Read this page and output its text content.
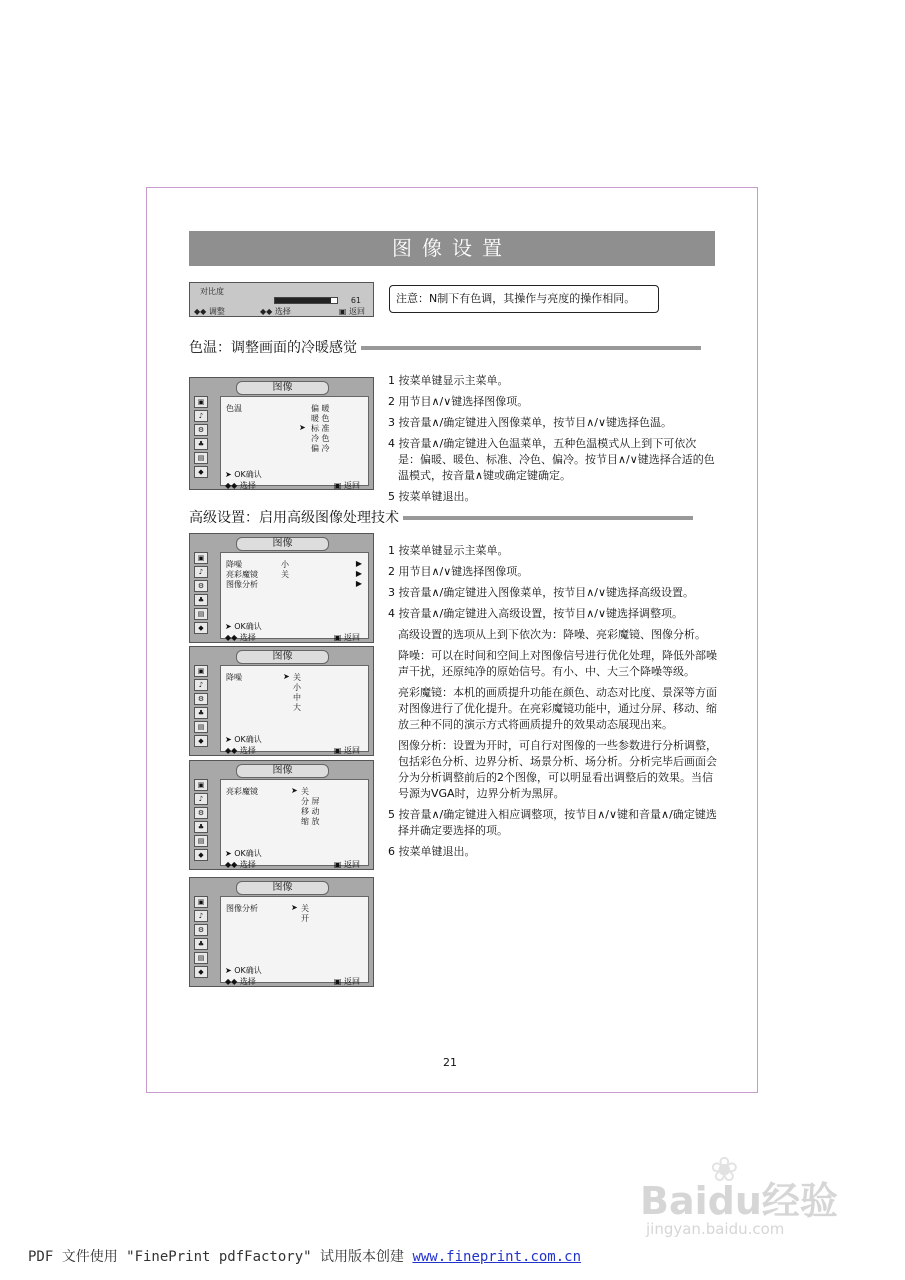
图像设置
对比度
61
◆◆ 调整	◆◆ 选择	▣ 返回
注意：N制下有色调，其操作与亮度的操作相同。
色温：调整画面的冷暖感觉
图像
▣
♪
⚙
♣
▤
◆
色温	偏 暖
暖 色
➤ 标 准
冷 色
偏 冷
➤ OK确认
◆◆ 选择	▣ 返回

1 按菜单键显示主菜单。

2 用节目∧/∨键选择图像项。

3 按音量∧/确定键进入图像菜单，按节目∧/∨键选择色温。

4 按音量∧/确定键进入色温菜单，五种色温模式从上到下可依次是：偏暖、暖色、标准、冷色、偏冷。按节目∧/∨键选择合适的色温模式，按音量∧键或确定键确定。

5 按菜单键退出。

高级设置：启用高级图像处理技术
图像
▣
♪
⚙
♣
▤
◆
降噪	小	▶
亮彩魔镜	关	▶
图像分析	▶
➤ OK确认
◆◆ 选择	▣ 返回
图像
▣
♪
⚙
♣
▤
◆
降噪	➤ 关
小
中
大
➤ OK确认
◆◆ 选择	▣ 返回
图像
▣
♪
⚙
♣
▤
◆
亮彩魔镜	➤ 关
分 屏
移 动
缩 放
➤ OK确认
◆◆ 选择	▣ 返回
图像
▣
♪
⚙
♣
▤
◆
图像分析	➤ 关
开
➤ OK确认
◆◆ 选择	▣ 返回

1 按菜单键显示主菜单。

2 用节目∧/∨键选择图像项。

3 按音量∧/确定键进入图像菜单，按节目∧/∨键选择高级设置。

4 按音量∧/确定键进入高级设置，按节目∧/∨键选择调整项。

高级设置的选项从上到下依次为：降噪、亮彩魔镜、图像分析。

降噪：可以在时间和空间上对图像信号进行优化处理，降低外部噪声干扰，还原纯净的原始信号。有小、中、大三个降噪等级。

亮彩魔镜：本机的画质提升功能在颜色、动态对比度、景深等方面对图像进行了优化提升。在亮彩魔镜功能中，通过分屏、移动、缩放三种不同的演示方式将画质提升的效果动态展现出来。

图像分析：设置为开时，可自行对图像的一些参数进行分析调整，包括彩色分析、边界分析、场景分析、场分析。分析完毕后画面会分为分析调整前后的2个图像，可以明显看出调整后的效果。当信号源为VGA时，边界分析为黑屏。

5 按音量∧/确定键进入相应调整项，按节目∧/∨键和音量∧/确定键选择并确定要选择的项。

6 按菜单键退出。

21
❀
Baidu经验
jingyan.baidu.com
PDF 文件使用 "FinePrint pdfFactory" 试用版本创建 www.fineprint.com.cn
